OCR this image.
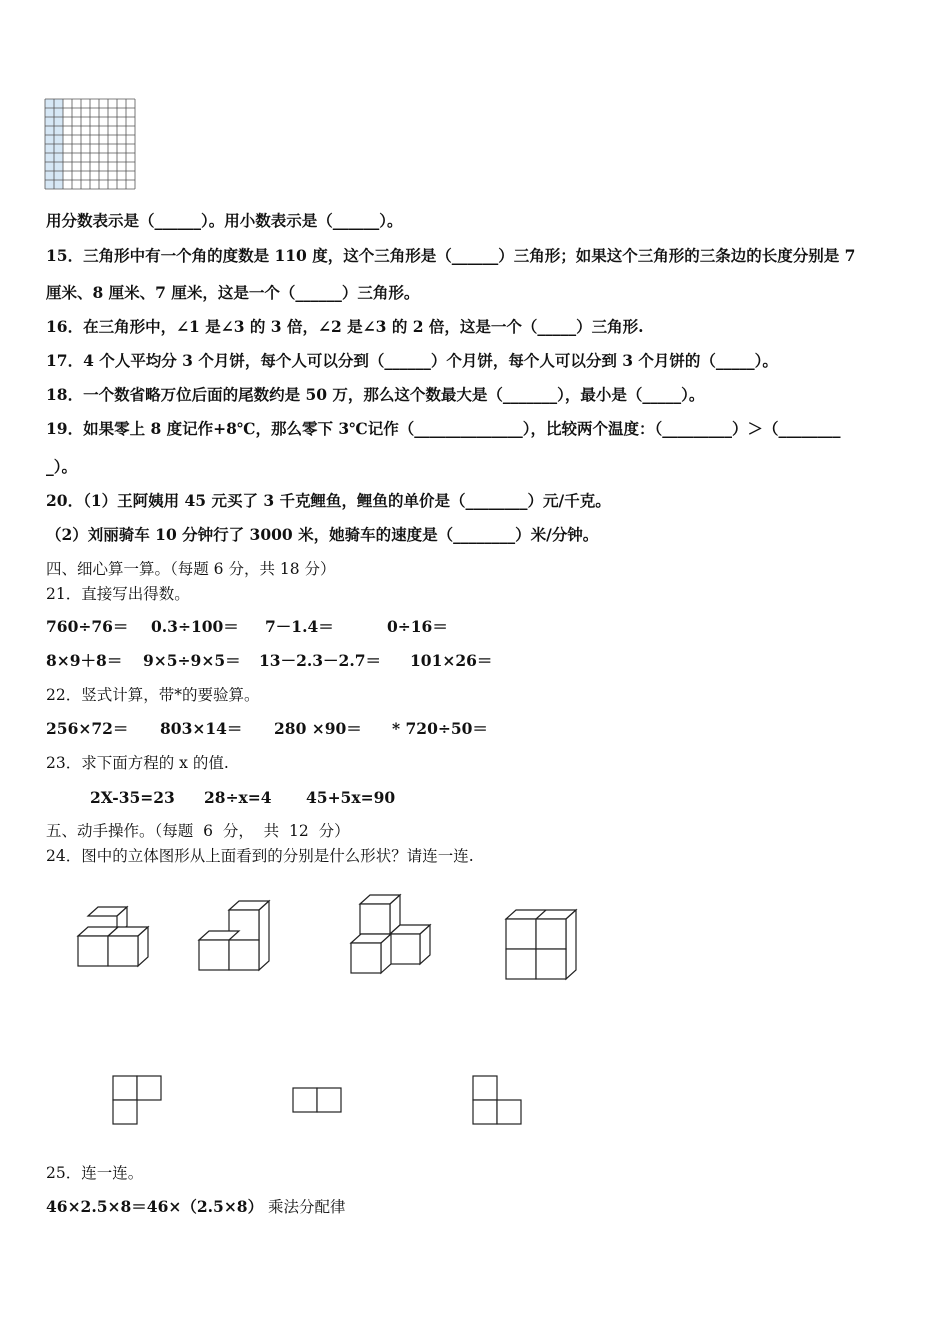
用分数表示是（______）。用小数表示是（______）。
15．三角形中有一个角的度数是 110 度，这个三角形是（______）三角形；如果这个三角形的三条边的长度分别是 7
厘米、8 厘米、7 厘米，这是一个（______）三角形。
16．在三角形中，∠1 是∠3 的 3 倍，∠2 是∠3 的 2 倍，这是一个（_____）三角形.
17．4 个人平均分 3 个月饼，每个人可以分到（______）个月饼，每个人可以分到 3 个月饼的（_____）。
18．一个数省略万位后面的尾数约是 50 万，那么这个数最大是（_______），最小是（_____）。
19．如果零上 8 度记作+8℃，那么零下 3℃记作（______________），比较两个温度：（_________）＞（________
_）。
20．（1）王阿姨用 45 元买了 3 千克鲤鱼，鲤鱼的单价是（________）元/千克。
（2）刘丽骑车 10 分钟行了 3000 米，她骑车的速度是（________）米/分钟。
四、细心算一算。（每题 6 分，共 18 分）
21．直接写出得数。
760÷76＝ 0.3÷100＝ 7－1.4＝	0÷16＝
8×9＋8＝ 9×5÷9×5＝ 13－2.3－2.7＝ 101×26＝
22．竖式计算，带*的要验算。
256×72＝ 803×14＝ 280 ×90＝ * 720÷50＝
23．求下面方程的 x 的值.
2X-35=23 28÷x=4 45+5x=90
五、动手操作。（每题  6  分，  共  12  分）
24．图中的立体图形从上面看到的分别是什么形状？请连一连.
25．连一连。
46×2.5×8＝46×（2.5×8） 乘法分配律
